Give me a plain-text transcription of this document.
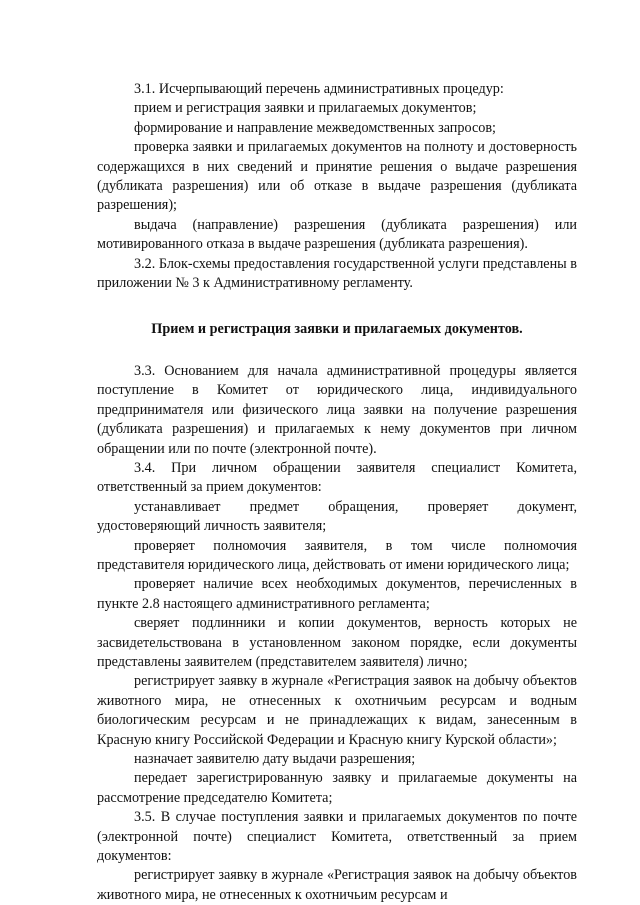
3.1. Исчерпывающий перечень административных процедур:

прием и регистрация заявки и прилагаемых документов;

формирование и направление межведомственных запросов;

проверка заявки и прилагаемых документов на полноту и достоверность содержащихся в них сведений и принятие решения о выдаче разрешения (дубликата разрешения) или об отказе в выдаче разрешения (дубликата разрешения);

выдача (направление) разрешения (дубликата разрешения) или мотивированного отказа в выдаче разрешения (дубликата разрешения).

3.2. Блок-схемы предоставления государственной услуги представлены в приложении № 3 к Административному регламенту.

Прием и регистрация заявки и прилагаемых документов.

3.3. Основанием для начала административной процедуры является поступление в Комитет от юридического лица, индивидуального предпринимателя или физического лица заявки на получение разрешения (дубликата разрешения) и прилагаемых к нему документов при личном обращении или по почте (электронной почте).

3.4. При личном обращении заявителя специалист Комитета, ответственный за прием документов:

устанавливает предмет обращения, проверяет документ, удостоверяющий личность заявителя;

проверяет полномочия заявителя, в том числе полномочия представителя юридического лица, действовать от имени юридического лица;

проверяет наличие всех необходимых документов, перечисленных в пункте 2.8 настоящего административного регламента;

сверяет подлинники и копии документов, верность которых не засвидетельствована в установленном законом порядке, если документы представлены заявителем (представителем заявителя) лично;

регистрирует заявку в журнале «Регистрация заявок на добычу объектов животного мира, не отнесенных к охотничьим ресурсам и водным биологическим ресурсам и не принадлежащих к видам, занесенным в Красную книгу Российской Федерации и Красную книгу Курской области»;

назначает заявителю дату выдачи разрешения;

передает зарегистрированную заявку и прилагаемые документы на рассмотрение председателю Комитета;

3.5. В случае поступления заявки и прилагаемых документов по почте (электронной почте) специалист Комитета, ответственный за прием документов:

регистрирует заявку в журнале «Регистрация заявок на добычу объектов животного мира, не отнесенных к охотничьим ресурсам и
